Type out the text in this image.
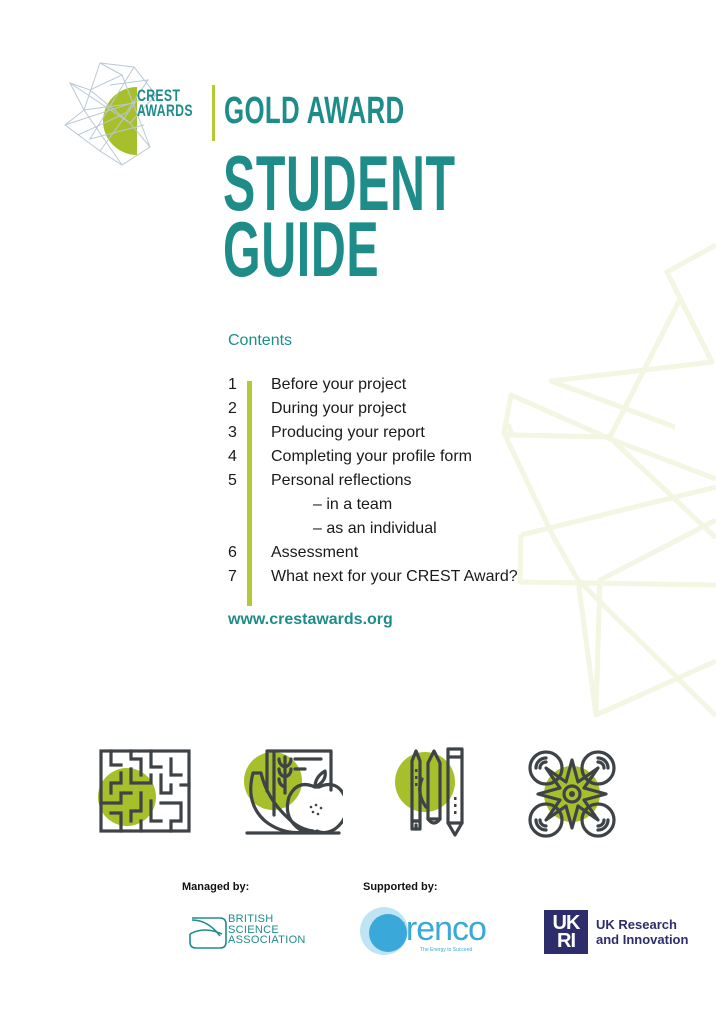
CREST
AWARDS GOLD AWARD
STUDENT
GUIDE
Contents
1 Before your project
2 During your project
3 Producing your report
4 Completing your profile form
5 Personal reflections
– in a team
– as an individual
6 Assessment
7 What next for your CREST Award?
www.crestawards.org
Managed by:	Supported by:
BRITISH
SCIENCE
ASSOCIATION urenco
The Energy to Succeed
UK
RI
UK Research
and Innovation
